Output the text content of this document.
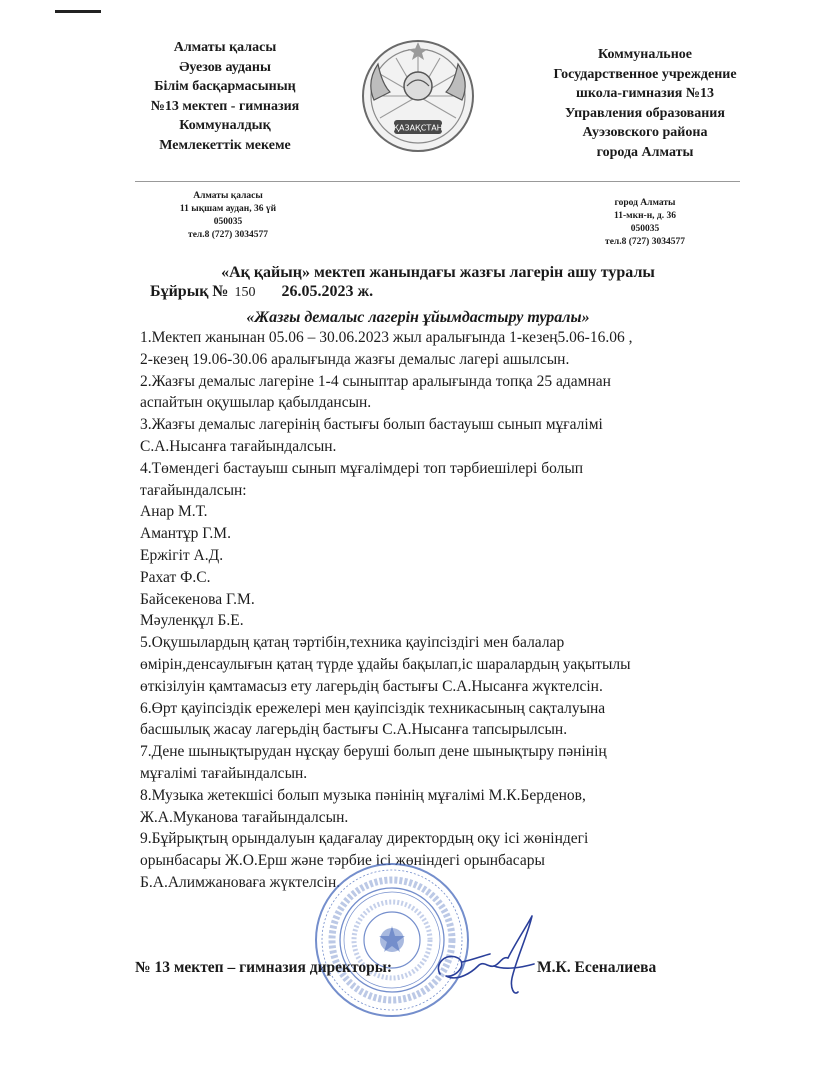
Алматы қаласы
Әуезов ауданы
Білім басқармасының
№13 мектеп - гимназия
Коммуналдық
Мемлекеттік мекеме
ҚАЗАҚСТАН
Коммунальное
Государственное учреждение
школа-гимназия №13
Управления образования
Ауэзовского района
города Алматы
Алматы қаласы
11 ықшам аудан, 36 үй
050035
тел.8 (727) 3034577
город Алматы
11-мкн-н, д. 36
050035
тел.8 (727) 3034577
«Ақ қайың» мектеп жанындағы жазғы лагерін ашу туралы
Бұйрық № 150 26.05.2023 ж.
«Жазғы демалыс лагерін ұйымдастыру туралы»
1.Мектеп жанынан 05.06 – 30.06.2023 жыл аралығында 1-кезең5.06-16.06 ,
2-кезең 19.06-30.06 аралығында жазғы демалыс лагері ашылсын.
2.Жазғы демалыс лагеріне 1-4 сыныптар аралығында топқа 25 адамнан
аспайтын оқушылар қабылдансын.
3.Жазғы демалыс лагерінің бастығы болып бастауыш сынып мұғалімі
С.А.Нысанға тағайындалсын.
4.Төмендегі бастауыш сынып мұғалімдері топ тәрбиешілері болып
тағайындалсын:
Анар М.Т.
Амантұр Г.М.
Ержігіт А.Д.
Рахат Ф.С.
Байсекенова Г.М.
Мәуленқұл Б.Е.
5.Оқушылардың қатаң тәртібін,техника қауіпсіздігі мен балалар
өмірін,денсаулығын қатаң түрде ұдайы бақылап,іс шаралардың уақытылы
өткізілуін қамтамасыз ету лагерьдің бастығы С.А.Нысанға жүктелсін.
6.Өрт қауіпсіздік ережелері мен қауіпсіздік техникасының сақталуына
басшылық жасау лагерьдің бастығы С.А.Нысанға тапсырылсын.
7.Дене шынықтырудан нұсқау беруші болып дене шынықтыру пәнінің
мұғалімі тағайындалсын.
8.Музыка жетекшісі болып музыка пәнінің мұғалімі М.К.Берденов,
Ж.А.Муканова тағайындалсын.
9.Бұйрықтың орындалуын қадағалау директордың оқу ісі жөніндегі
орынбасары Ж.О.Ерш және тәрбие ісі жөніндегі орынбасары
Б.А.Алимжановаға жүктелсін.
№ 13 мектеп – гимназия директоры:	М.К. Есеналиева
